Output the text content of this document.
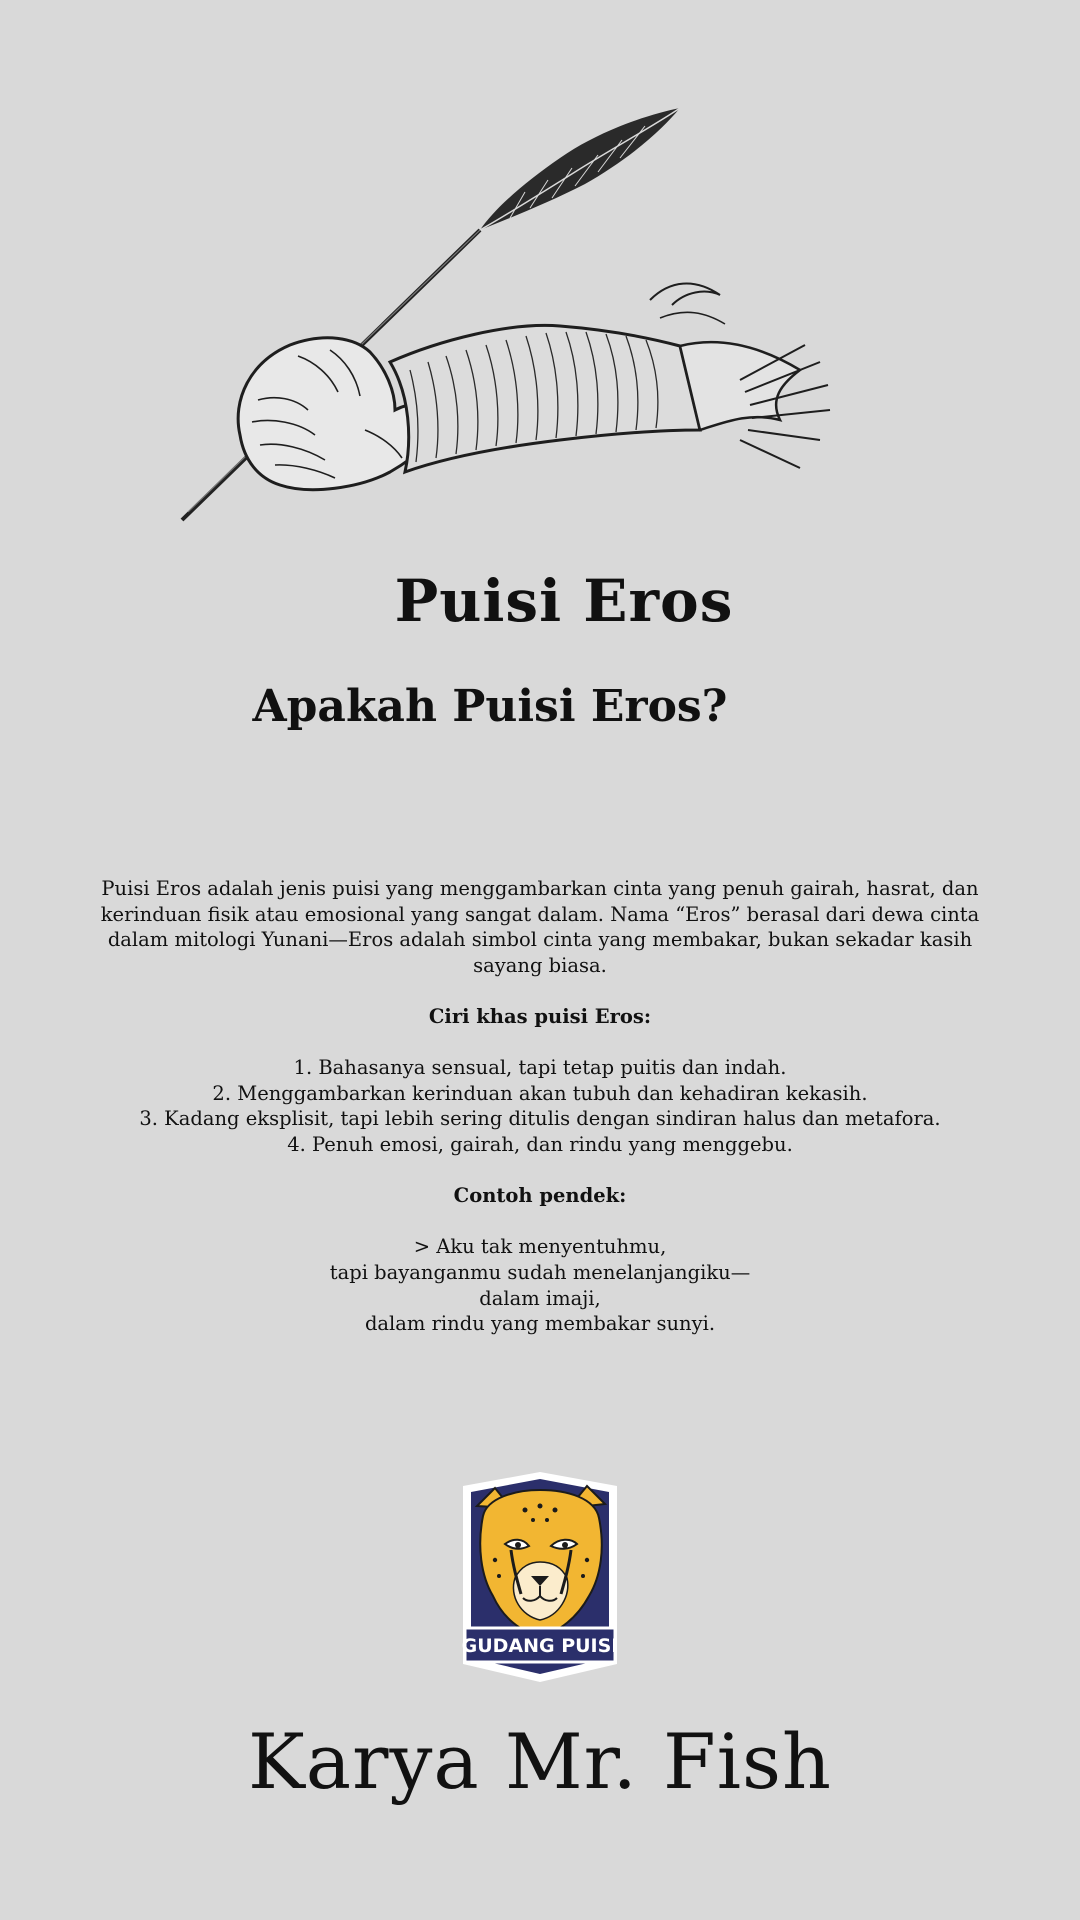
Puisi Eros
Apakah Puisi Eros?
Puisi Eros adalah jenis puisi yang menggambarkan cinta yang penuh gairah, hasrat, dan
kerinduan fisik atau emosional yang sangat dalam. Nama “Eros” berasal dari dewa cinta
dalam mitologi Yunani—Eros adalah simbol cinta yang membakar, bukan sekadar kasih
sayang biasa.
Ciri khas puisi Eros:
1. Bahasanya sensual, tapi tetap puitis dan indah.
2. Menggambarkan kerinduan akan tubuh dan kehadiran kekasih.
3. Kadang eksplisit, tapi lebih sering ditulis dengan sindiran halus dan metafora.
4. Penuh emosi, gairah, dan rindu yang menggebu.
Contoh pendek:
> Aku tak menyentuhmu,
tapi bayanganmu sudah menelanjangiku—
dalam imaji,
dalam rindu yang membakar sunyi.
GUDANG PUISI
Karya Mr. Fish
